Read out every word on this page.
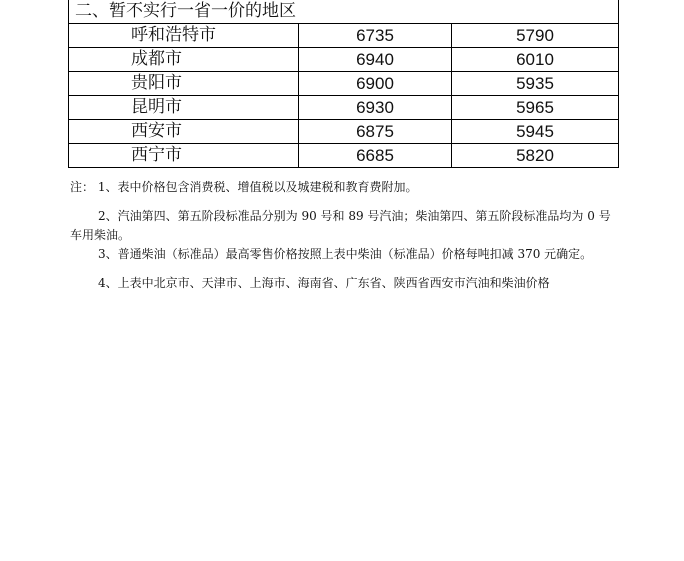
二、暂不实行一省一价的地区		
呼和浩特市	6735	5790
成都市	6940	6010
贵阳市	6900	5935
昆明市	6930	5965
西安市	6875	5945
西宁市	6685	5820

注： 1、表中价格包含消费税、增值税以及城建税和教育费附加。

2、汽油第四、第五阶段标准品分别为 90 号和 89 号汽油；柴油第四、第五阶段标准品均为 0 号车用柴油。

3、普通柴油（标准品）最高零售价格按照上表中柴油（标准品）价格每吨扣减 370 元确定。

4、上表中北京市、天津市、上海市、海南省、广东省、陕西省西安市汽油和柴油价格
